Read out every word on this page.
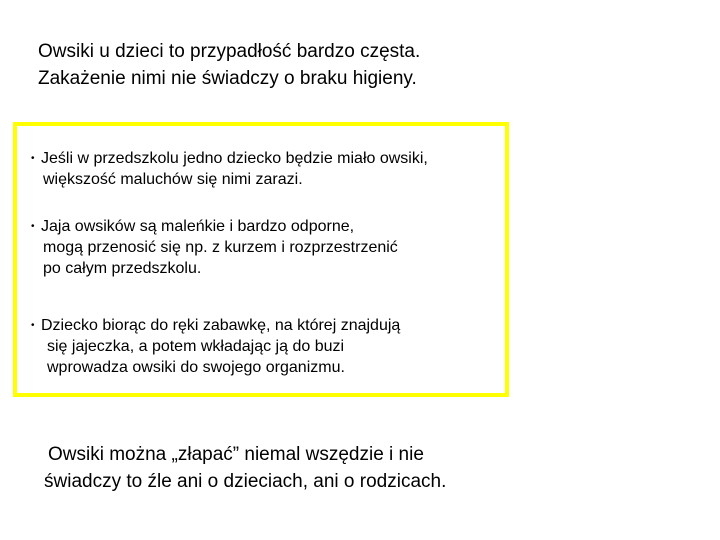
Owsiki u dzieci to przypadłość bardzo częsta.
Zakażenie nimi nie świadczy o braku higieny.
• Jeśli w przedszkolu jedno dziecko będzie miało owsiki,
większość maluchów się nimi zarazi.
• Jaja owsików są maleńkie i bardzo odporne,
mogą przenosić się np. z kurzem i rozprzestrzenić
po całym przedszkolu.
• Dziecko biorąc do ręki zabawkę, na której znajdują
się jajeczka, a potem wkładając ją do buzi
wprowadza owsiki do swojego organizmu.
Owsiki można „złapać” niemal wszędzie i nie
świadczy to źle ani o dzieciach, ani o rodzicach.
